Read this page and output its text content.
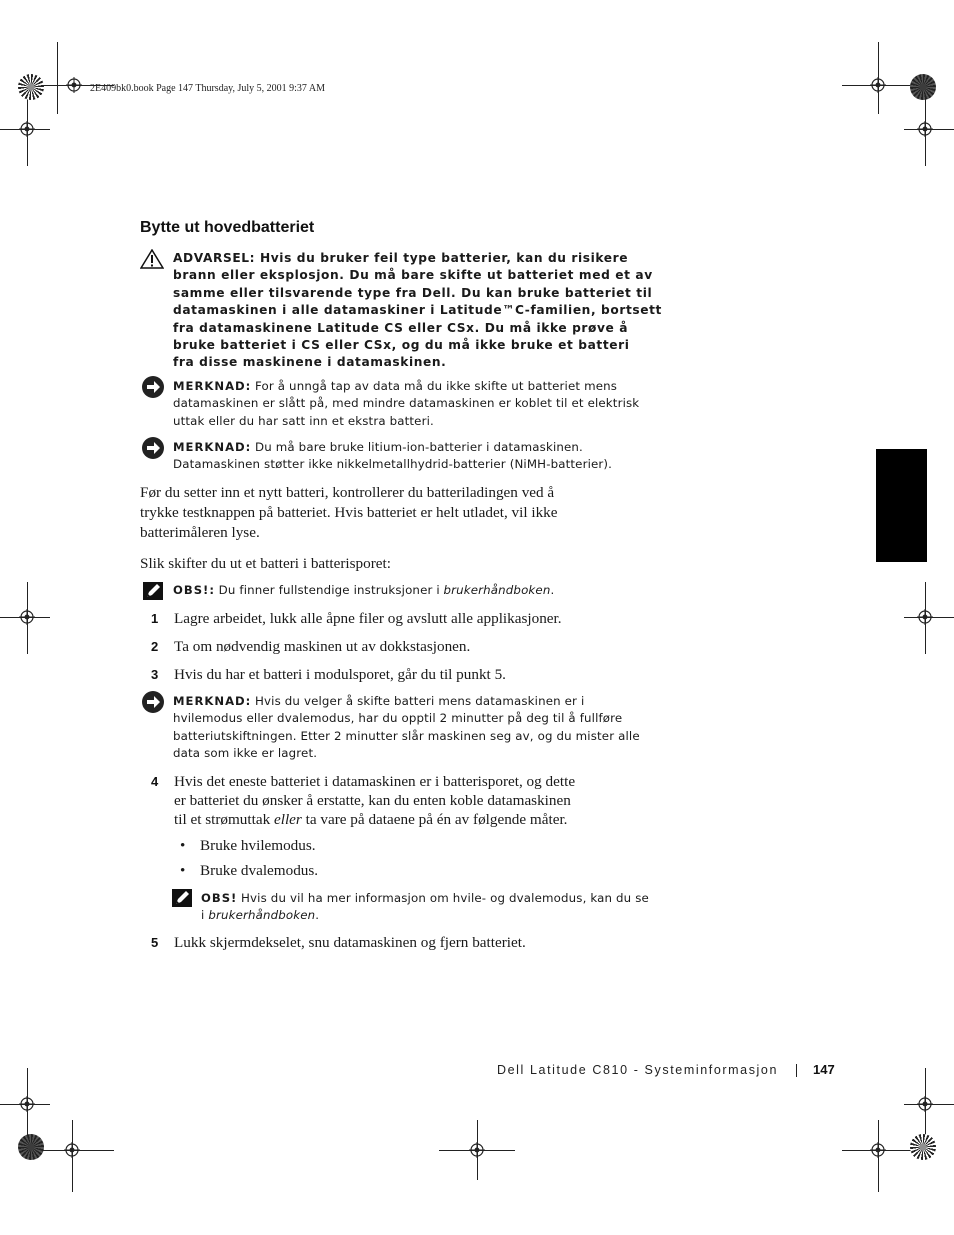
2E409bk0.book Page 147 Thursday, July 5, 2001 9:37 AM
Bytte ut hovedbatteriet
ADVARSEL: Hvis du bruker feil type batterier, kan du risikere
brann eller eksplosjon. Du må bare skifte ut batteriet med et av
samme eller tilsvarende type fra Dell. Du kan bruke batteriet til
datamaskinen i alle datamaskiner i Latitude™C-familien, bortsett
fra datamaskinene Latitude CS eller CSx. Du må ikke prøve å
bruke batteriet i CS eller CSx, og du må ikke bruke et batteri
fra disse maskinene i datamaskinen.
MERKNAD: For å unngå tap av data må du ikke skifte ut batteriet mens
datamaskinen er slått på, med mindre datamaskinen er koblet til et elektrisk
uttak eller du har satt inn et ekstra batteri.
MERKNAD: Du må bare bruke litium-ion-batterier i datamaskinen.
Datamaskinen støtter ikke nikkelmetallhydrid-batterier (NiMH-batterier).
Før du setter inn et nytt batteri, kontrollerer du batteriladingen ved å
trykke testknappen på batteriet. Hvis batteriet er helt utladet, vil ikke
batterimåleren lyse.
Slik skifter du ut et batteri i batterisporet:
OBS!: Du finner fullstendige instruksjoner i brukerhåndboken.
1 Lagre arbeidet, lukk alle åpne filer og avslutt alle applikasjoner.
2 Ta om nødvendig maskinen ut av dokkstasjonen.
3 Hvis du har et batteri i modulsporet, går du til punkt 5.
MERKNAD: Hvis du velger å skifte batteri mens datamaskinen er i
hvilemodus eller dvalemodus, har du opptil 2 minutter på deg til å fullføre
batteriutskiftningen. Etter 2 minutter slår maskinen seg av, og du mister alle
data som ikke er lagret.
4 Hvis det eneste batteriet i datamaskinen er i batterisporet, og dette
er batteriet du ønsker å erstatte, kan du enten koble datamaskinen
til et strømuttak eller ta vare på dataene på én av følgende måter.
• Bruke hvilemodus.
• Bruke dvalemodus.
OBS! Hvis du vil ha mer informasjon om hvile- og dvalemodus, kan du se
i brukerhåndboken.
5 Lukk skjermdekselet, snu datamaskinen og fjern batteriet.
Dell Latitude C810 - Systeminformasjon	147
